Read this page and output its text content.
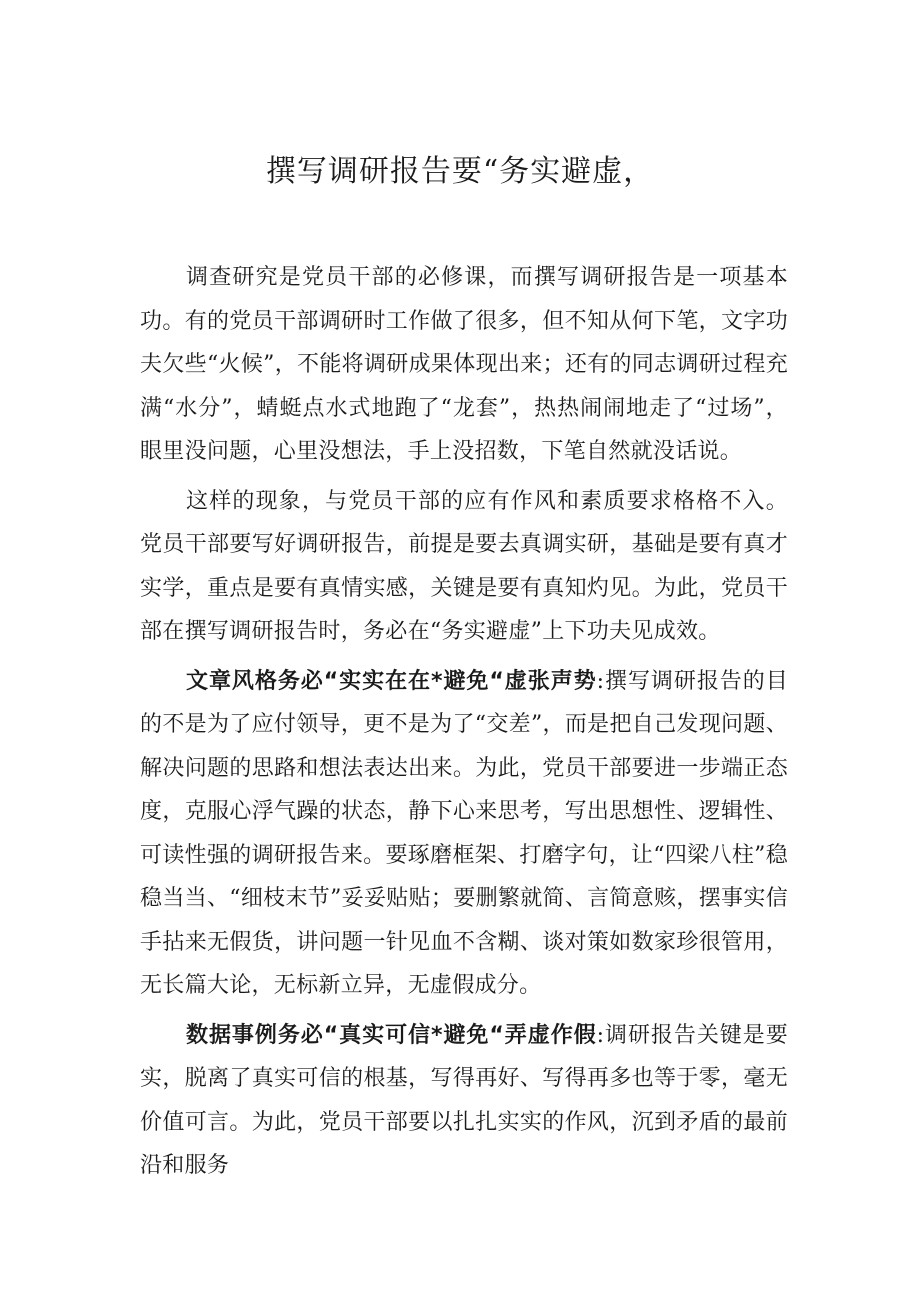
撰写调研报告要“务实避虚，

调查研究是党员干部的必修课，而撰写调研报告是一项基本功。有的党员干部调研时工作做了很多，但不知从何下笔，文字功夫欠些“火候”，不能将调研成果体现出来；还有的同志调研过程充满“水分”，蜻蜓点水式地跑了“龙套”，热热闹闹地走了“过场”，眼里没问题，心里没想法，手上没招数，下笔自然就没话说。

这样的现象，与党员干部的应有作风和素质要求格格不入。党员干部要写好调研报告，前提是要去真调实研，基础是要有真才实学，重点是要有真情实感，关键是要有真知灼见。为此，党员干部在撰写调研报告时，务必在“务实避虚”上下功夫见成效。

文章风格务必“实实在在*避免“虚张声势:撰写调研报告的目的不是为了应付领导，更不是为了“交差”，而是把自己发现问题、解决问题的思路和想法表达出来。为此，党员干部要进一步端正态度，克服心浮气躁的状态，静下心来思考，写出思想性、逻辑性、可读性强的调研报告来。要琢磨框架、打磨字句，让“四梁八柱”稳稳当当、“细枝末节”妥妥贴贴；要删繁就简、言简意赅，摆事实信手拈来无假货，讲问题一针见血不含糊、谈对策如数家珍很管用，无长篇大论，无标新立异，无虚假成分。

数据事例务必“真实可信*避免“弄虚作假:调研报告关键是要实，脱离了真实可信的根基，写得再好、写得再多也等于零，毫无价值可言。为此，党员干部要以扎扎实实的作风，沉到矛盾的最前沿和服务
